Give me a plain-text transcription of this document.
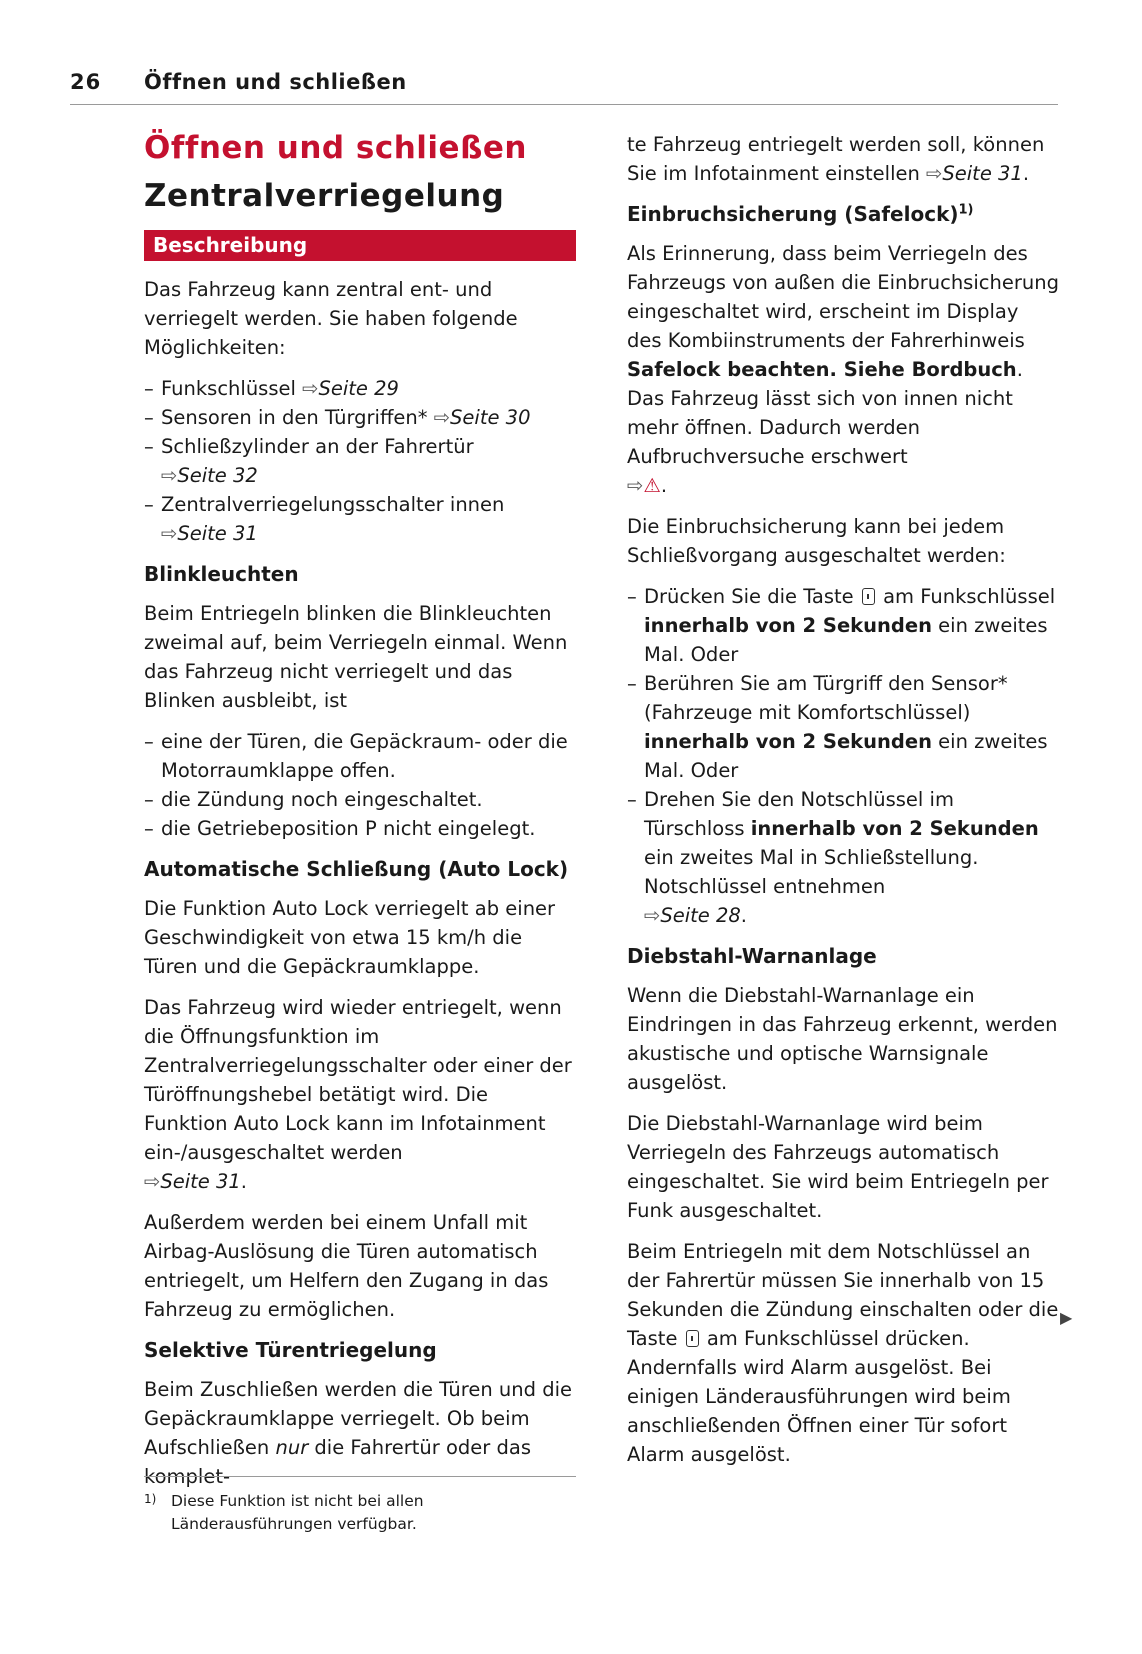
26 Öffnen und schließen
Öffnen und schließen
Zentralverriegelung
Beschreibung

Das Fahrzeug kann zentral ent- und verriegelt werden. Sie haben folgende Möglichkeiten:

– Funkschlüssel ⇨Seite 29
– Sensoren in den Türgriffen* ⇨Seite 30
– Schließzylinder an der Fahrertür
⇨Seite 32
– Zentralverriegelungsschalter innen
⇨Seite 31
Blinkleuchten

Beim Entriegeln blinken die Blinkleuchten zweimal auf, beim Verriegeln einmal. Wenn das Fahrzeug nicht verriegelt und das Blinken ausbleibt, ist

– eine der Türen, die Gepäckraum- oder die Motorraumklappe offen.
– die Zündung noch eingeschaltet.
– die Getriebeposition P nicht eingelegt.
Automatische Schließung (Auto Lock)

Die Funktion Auto Lock verriegelt ab einer Geschwindigkeit von etwa 15 km/h die Türen und die Gepäckraumklappe.

Das Fahrzeug wird wieder entriegelt, wenn die Öffnungsfunktion im Zentralverriegelungsschalter oder einer der Türöffnungshebel betätigt wird. Die Funktion Auto Lock kann im Infotainment ein-/ausgeschaltet werden
⇨Seite 31.

Außerdem werden bei einem Unfall mit Airbag-Auslösung die Türen automatisch entriegelt, um Helfern den Zugang in das Fahrzeug zu ermöglichen.

Selektive Türentriegelung

Beim Zuschließen werden die Türen und die Gepäckraumklappe verriegelt. Ob beim Aufschließen nur die Fahrertür oder das komplet-

te Fahrzeug entriegelt werden soll, können Sie im Infotainment einstellen ⇨Seite 31.

Einbruchsicherung (Safelock)$^{1)}$

Als Erinnerung, dass beim Verriegeln des Fahrzeugs von außen die Einbruchsicherung eingeschaltet wird, erscheint im Display des Kombiinstruments der Fahrerhinweis Safelock beachten. Siehe Bordbuch. Das Fahrzeug lässt sich von innen nicht mehr öffnen. Dadurch werden Aufbruchversuche erschwert
⇨⚠.

Die Einbruchsicherung kann bei jedem Schließvorgang ausgeschaltet werden:

– Drücken Sie die Taste am Funkschlüssel innerhalb von 2 Sekunden ein zweites Mal. Oder
– Berühren Sie am Türgriff den Sensor* (Fahrzeuge mit Komfortschlüssel) innerhalb von 2 Sekunden ein zweites Mal. Oder
– Drehen Sie den Notschlüssel im Türschloss innerhalb von 2 Sekunden ein zweites Mal in Schließstellung. Notschlüssel entnehmen
⇨Seite 28.
Diebstahl-Warnanlage

Wenn die Diebstahl-Warnanlage ein Eindringen in das Fahrzeug erkennt, werden akustische und optische Warnsignale ausgelöst.

Die Diebstahl-Warnanlage wird beim Verriegeln des Fahrzeugs automatisch eingeschaltet. Sie wird beim Entriegeln per Funk ausgeschaltet.

Beim Entriegeln mit dem Notschlüssel an der Fahrertür müssen Sie innerhalb von 15 Sekunden die Zündung einschalten oder die Taste am Funkschlüssel drücken. Andernfalls wird Alarm ausgelöst. Bei einigen Länderausführungen wird beim anschließenden Öffnen einer Tür sofort Alarm ausgelöst.

▶
1) Diese Funktion ist nicht bei allen Länderausführungen verfügbar.
